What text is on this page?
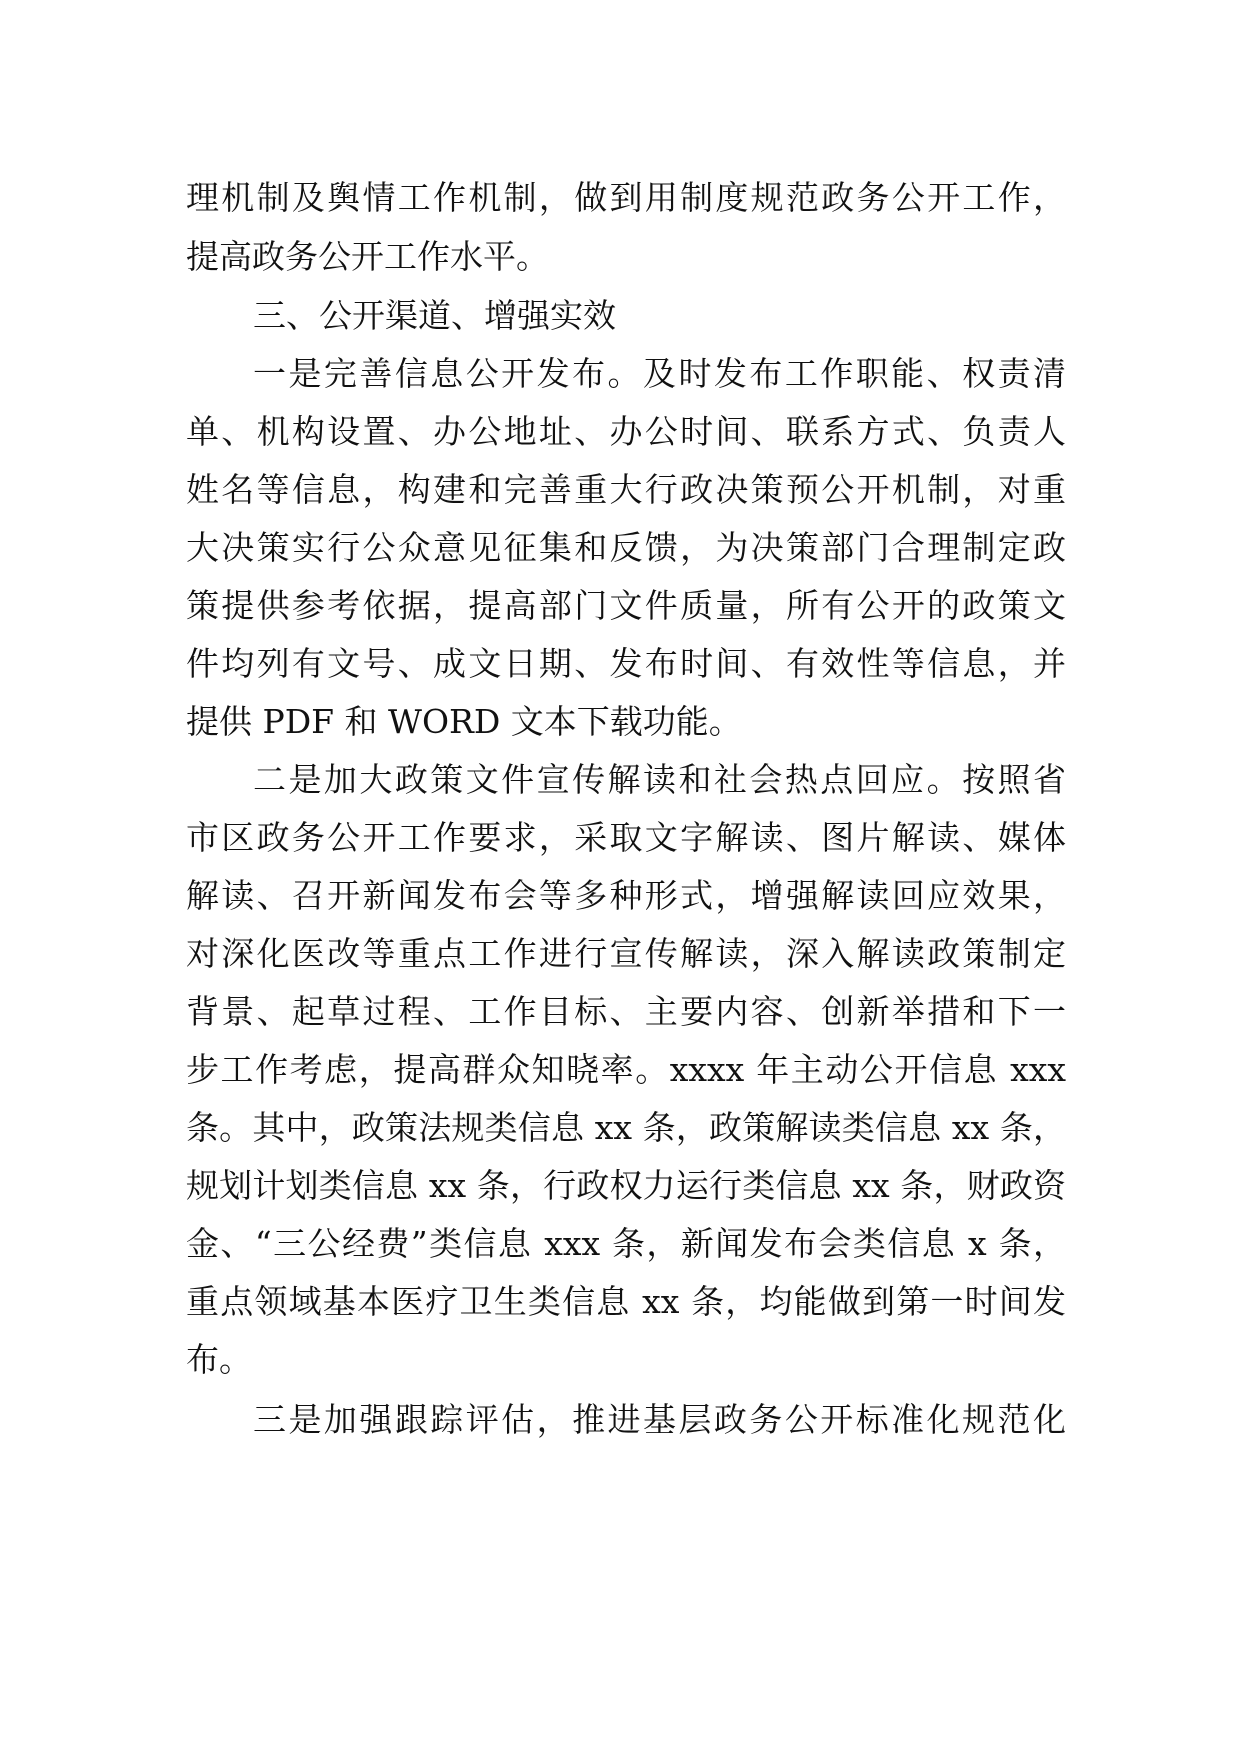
理机制及舆情工作机制，做到用制度规范政务公开工作，
提高政务公开工作水平。
三、公开渠道、增强实效
一是完善信息公开发布。及时发布工作职能、权责清
单、机构设置、办公地址、办公时间、联系方式、负责人
姓名等信息，构建和完善重大行政决策预公开机制，对重
大决策实行公众意见征集和反馈，为决策部门合理制定政
策提供参考依据，提高部门文件质量，所有公开的政策文
件均列有文号、成文日期、发布时间、有效性等信息，并
提供 PDF 和 WORD 文本下载功能。
二是加大政策文件宣传解读和社会热点回应。按照省
市区政务公开工作要求，采取文字解读、图片解读、媒体
解读、召开新闻发布会等多种形式，增强解读回应效果，
对深化医改等重点工作进行宣传解读，深入解读政策制定
背景、起草过程、工作目标、主要内容、创新举措和下一
步工作考虑，提高群众知晓率。xxxx 年主动公开信息 xxx
条。其中，政策法规类信息 xx 条，政策解读类信息 xx 条，
规划计划类信息 xx 条，行政权力运行类信息 xx 条，财政资
金、“三公经费”类信息 xxx 条，新闻发布会类信息 x 条，
重点领域基本医疗卫生类信息 xx 条，均能做到第一时间发
布。
三是加强跟踪评估，推进基层政务公开标准化规范化
